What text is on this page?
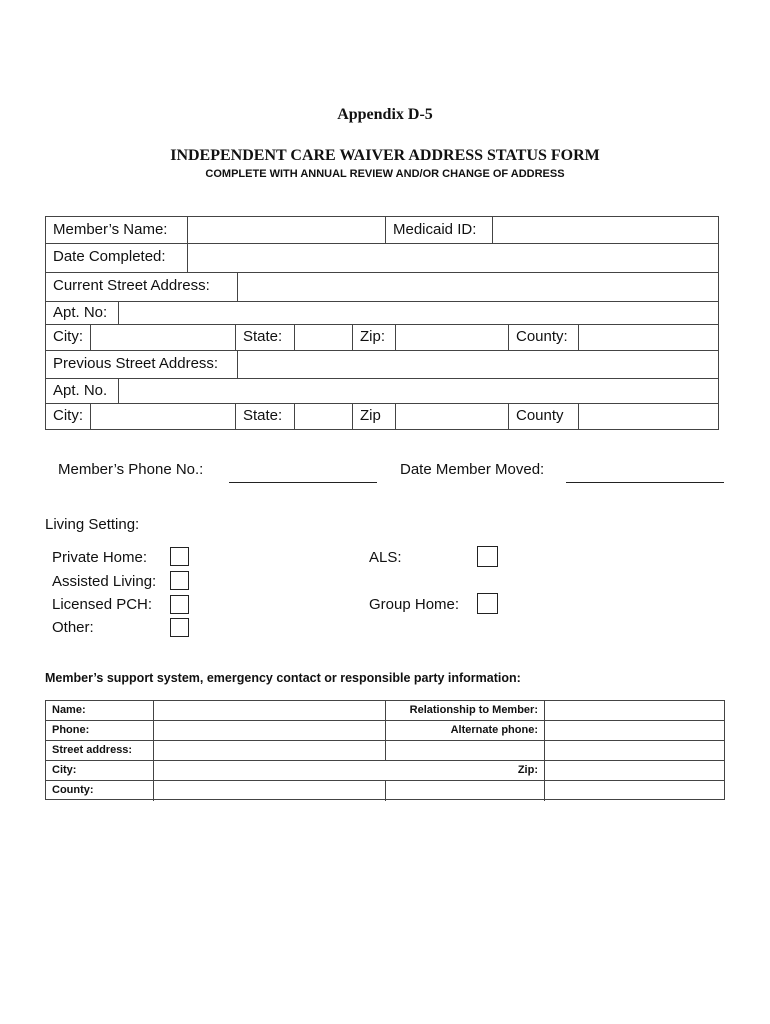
Appendix D-5
INDEPENDENT CARE WAIVER ADDRESS STATUS FORM
COMPLETE WITH ANNUAL REVIEW AND/OR CHANGE OF ADDRESS
Member’s Name:	Medicaid ID:
Date Completed:
Current Street Address:
Apt. No:
City:	State:	Zip:	County:
Previous Street Address:
Apt. No.
City:	State:	Zip	County
Member’s Phone No.:	Date Member Moved:
Living Setting:
Private Home:
Assisted Living:
Licensed PCH:
Other:
ALS:
Group Home:
Member’s support system, emergency contact or responsible party information:
Name:	Relationship to Member:
Phone:	Alternate phone:
Street address:
City:	Zip:
County:
